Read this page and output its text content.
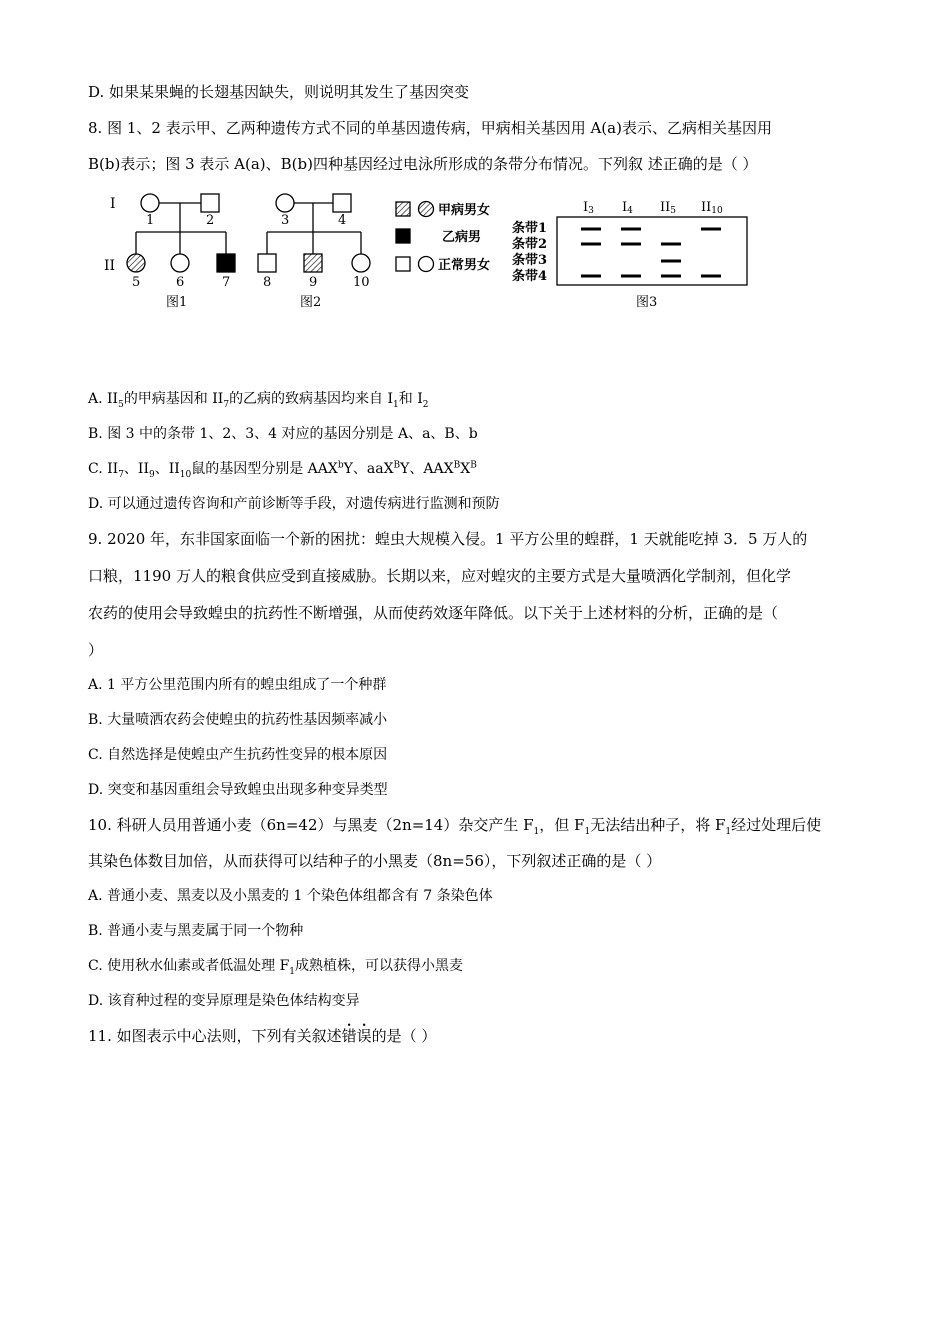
D. 如果某果蝇的长翅基因缺失，则说明其发生了基因突变
8. 图 1、2 表示甲、乙两种遗传方式不同的单基因遗传病，甲病相关基因用 A(a)表示、乙病相关基因用
B(b)表示；图 3 表示 A(a)、B(b)四种基因经过电泳所形成的条带分布情况。下列叙 述正确的是（ ）
I
II
1	2
5	6	7
图1
3	4
8	9	10
图2
甲病男女
乙病男
正常男女
条带1
条带2
条带3
条带4
I3 I4 II5 II10
图3
A. $II_5$的甲病基因和 $II_7$的乙病的致病基因均来自 $I_1$和 $I_2$
B. 图 3 中的条带 1、2、3、4 对应的基因分别是 A、a、B、b
C. $II_7$、$II_9$、$II_{10}$鼠的基因型分别是 AAX$^b$Y、aaX$^B$Y、$AAX^BX^B$
D. 可以通过遗传咨询和产前诊断等手段，对遗传病进行监测和预防
9. 2020 年，东非国家面临一个新的困扰：蝗虫大规模入侵。1 平方公里的蝗群，1 天就能吃掉 3．5 万人的
口粮，1190 万人的粮食供应受到直接威胁。长期以来，应对蝗灾的主要方式是大量喷洒化学制剂，但化学
农药的使用会导致蝗虫的抗药性不断增强，从而使药效逐年降低。以下关于上述材料的分析，正确的是（
）
A. 1 平方公里范围内所有的蝗虫组成了一个种群
B. 大量喷洒农药会使蝗虫的抗药性基因频率减小
C. 自然选择是使蝗虫产生抗药性变异的根本原因
D. 突变和基因重组会导致蝗虫出现多种变异类型
10. 科研人员用普通小麦（6n=42）与黑麦（2n=14）杂交产生 $F_1$，但 $F_1$无法结出种子，将 $F_1$经过处理后使
其染色体数目加倍，从而获得可以结种子的小黑麦（8n=56），下列叙述正确的是（ ）
A. 普通小麦、黑麦以及小黑麦的 1 个染色体组都含有 7 条染色体
B. 普通小麦与黑麦属于同一个物种
C. 使用秋水仙素或者低温处理 $F_1$成熟植株，可以获得小黑麦
D. 该育种过程的变异原理是染色体结构变异
11. 如图表示中心法则，下列有关叙述错误的是（ ）
